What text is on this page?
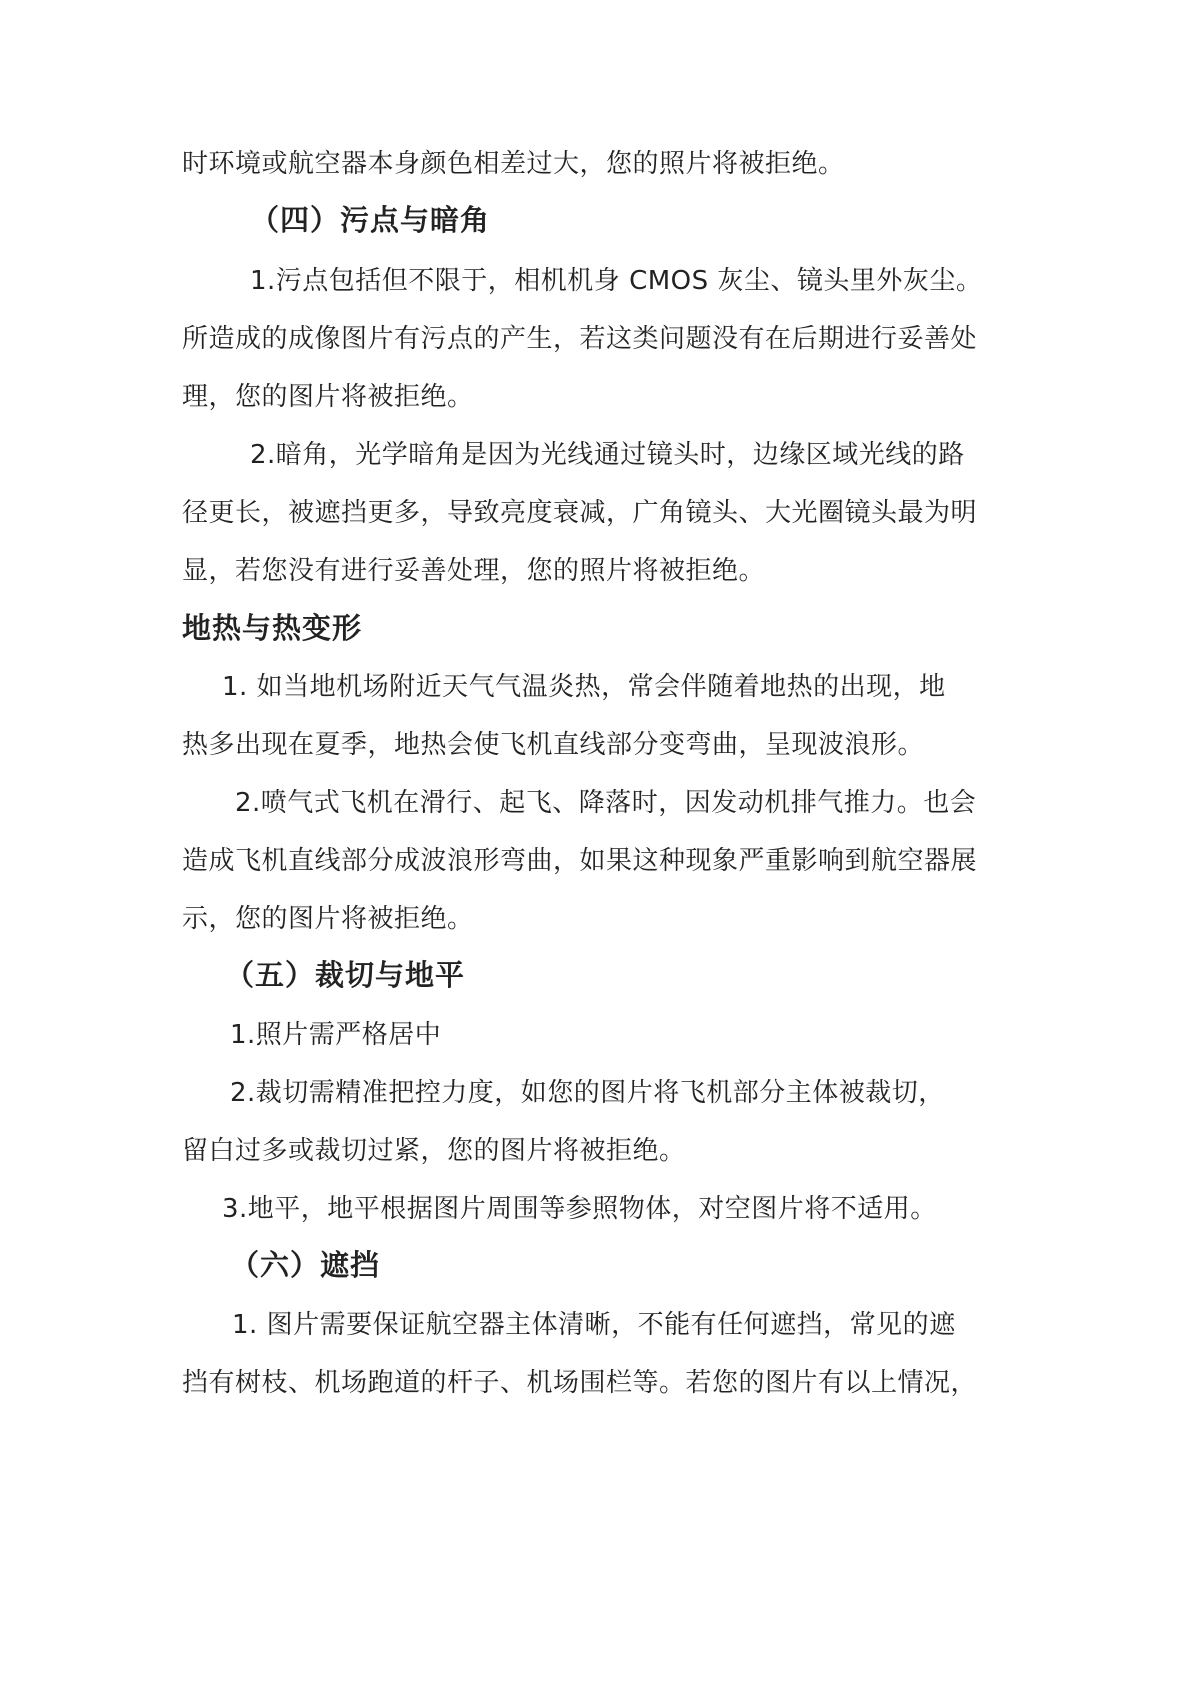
时环境或航空器本身颜色相差过大，您的照片将被拒绝。

（四）污点与暗角

1.污点包括但不限于，相机机身 CMOS 灰尘、镜头里外灰尘。

所造成的成像图片有污点的产生，若这类问题没有在后期进行妥善处

理，您的图片将被拒绝。

2.暗角，光学暗角是因为光线通过镜头时，边缘区域光线的路

径更长，被遮挡更多，导致亮度衰减，广角镜头、大光圈镜头最为明

显，若您没有进行妥善处理，您的照片将被拒绝。

地热与热变形

1. 如当地机场附近天气气温炎热，常会伴随着地热的出现，地

热多出现在夏季，地热会使飞机直线部分变弯曲，呈现波浪形。

2.喷气式飞机在滑行、起飞、降落时，因发动机排气推力。也会

造成飞机直线部分成波浪形弯曲，如果这种现象严重影响到航空器展

示，您的图片将被拒绝。

（五）裁切与地平

1.照片需严格居中

2.裁切需精准把控力度，如您的图片将飞机部分主体被裁切，

留白过多或裁切过紧，您的图片将被拒绝。

3.地平，地平根据图片周围等参照物体，对空图片将不适用。

（六）遮挡

1. 图片需要保证航空器主体清晰，不能有任何遮挡，常见的遮

挡有树枝、机场跑道的杆子、机场围栏等。若您的图片有以上情况，
